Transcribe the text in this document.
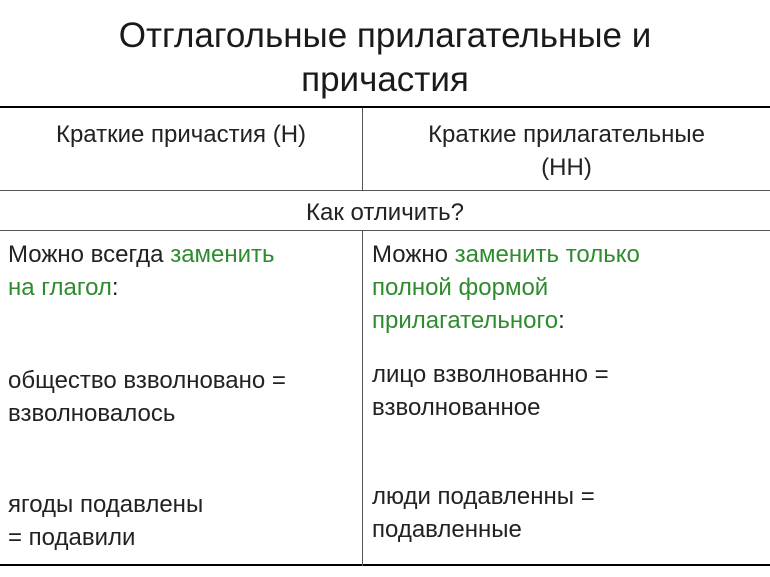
Отглагольные прилагательные и
причастия
Краткие причастия (Н)	Краткие прилагательные
(НН)
Как отличить?
Можно всегда заменить
на глагол:
общество взволновано =
взволновалось
ягоды подавлены
= подавили
Можно заменить только
полной формой
прилагательного:
лицо взволнованно =
взволнованное
люди подавленны =
подавленные
